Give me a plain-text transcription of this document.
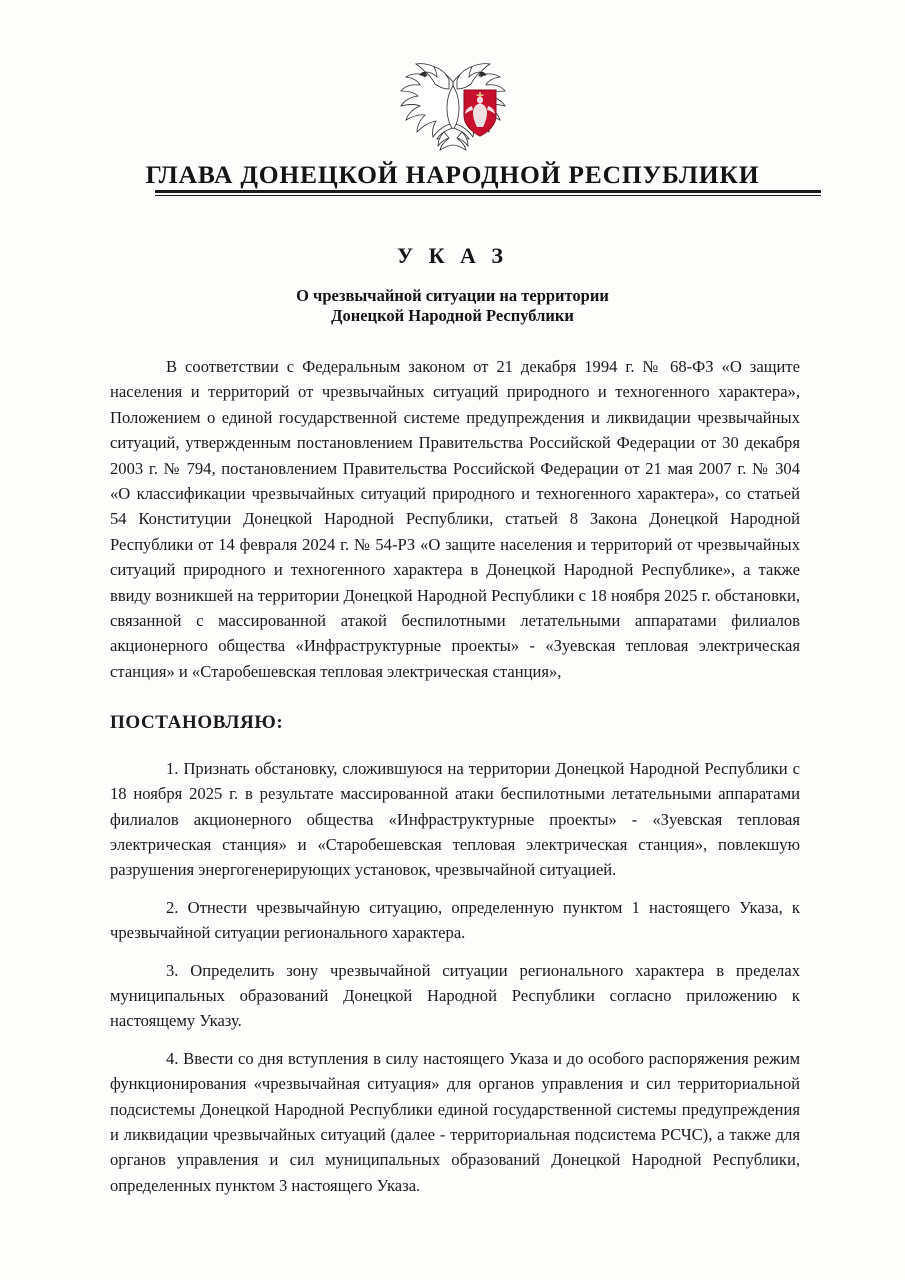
ГЛАВА ДОНЕЦКОЙ НАРОДНОЙ РЕСПУБЛИКИ
У К А З
О чрезвычайной ситуации на территории
Донецкой Народной Республики

В соответствии с Федеральным законом от 21 декабря 1994 г. № 68-ФЗ «О защите населения и территорий от чрезвычайных ситуаций природного и техногенного характера», Положением о единой государственной системе предупреждения и ликвидации чрезвычайных ситуаций, утвержденным постановлением Правительства Российской Федерации от 30 декабря 2003 г. № 794, постановлением Правительства Российской Федерации от 21 мая 2007 г. № 304 «О классификации чрезвычайных ситуаций природного и техногенного характера», со статьей 54 Конституции Донецкой Народной Республики, статьей 8 Закона Донецкой Народной Республики от 14 февраля 2024 г. № 54-РЗ «О защите населения и территорий от чрезвычайных ситуаций природного и техногенного характера в Донецкой Народной Республике», а также ввиду возникшей на территории Донецкой Народной Республики с 18 ноября 2025 г. обстановки, связанной с массированной атакой беспилотными летательными аппаратами филиалов акционерного общества «Инфраструктурные проекты» - «Зуевская тепловая электрическая станция» и «Старобешевская тепловая электрическая станция»,

ПОСТАНОВЛЯЮ:

1. Признать обстановку, сложившуюся на территории Донецкой Народной Республики с 18 ноября 2025 г. в результате массированной атаки беспилотными летательными аппаратами филиалов акционерного общества «Инфраструктурные проекты» - «Зуевская тепловая электрическая станция» и «Старобешевская тепловая электрическая станция», повлекшую разрушения энергогенерирующих установок, чрезвычайной ситуацией.

2. Отнести чрезвычайную ситуацию, определенную пунктом 1 настоящего Указа, к чрезвычайной ситуации регионального характера.

3. Определить зону чрезвычайной ситуации регионального характера в пределах муниципальных образований Донецкой Народной Республики согласно приложению к настоящему Указу.

4. Ввести со дня вступления в силу настоящего Указа и до особого распоряжения режим функционирования «чрезвычайная ситуация» для органов управления и сил территориальной подсистемы Донецкой Народной Республики единой государственной системы предупреждения и ликвидации чрезвычайных ситуаций (далее - территориальная подсистема РСЧС), а также для органов управления и сил муниципальных образований Донецкой Народной Республики, определенных пунктом 3 настоящего Указа.
